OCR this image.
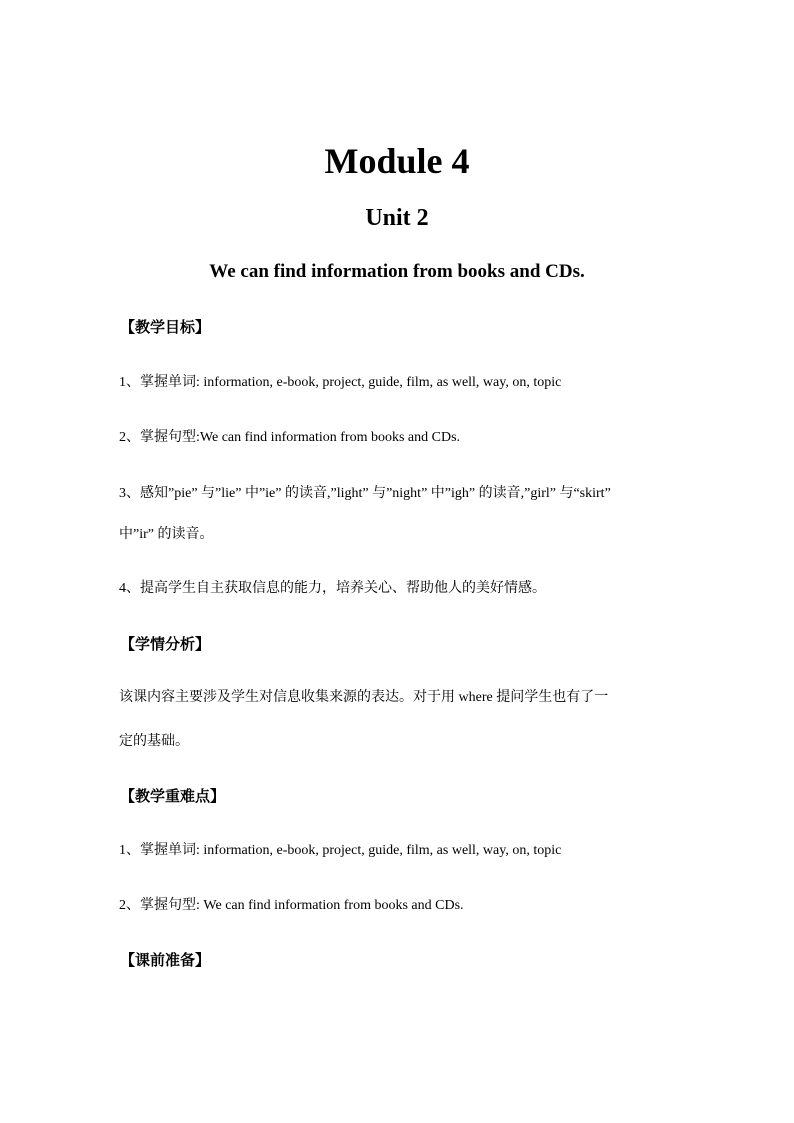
Module 4
Unit 2
We can find information from books and CDs.
【教学目标】
1、掌握单词: information, e-book, project, guide, film, as well, way, on, topic
2、掌握句型:We can find information from books and CDs.
3、感知”pie” 与”lie” 中”ie” 的读音,”light” 与”night” 中”igh” 的读音,”girl” 与“skirt”
中”ir” 的读音。
4、提高学生自主获取信息的能力，培养关心、帮助他人的美好情感。
【学情分析】
该课内容主要涉及学生对信息收集来源的表达。对于用 where 提问学生也有了一
定的基础。
【教学重难点】
1、掌握单词: information, e-book, project, guide, film, as well, way, on, topic
2、掌握句型: We can find information from books and CDs.
【课前准备】
